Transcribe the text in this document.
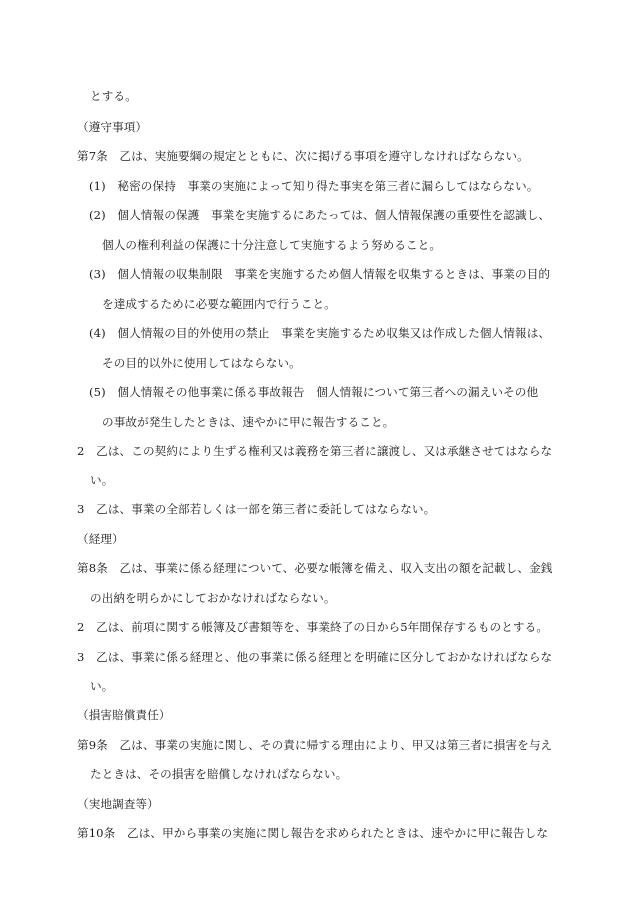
とする。
（遵守事項）
第7条　乙は、実施要綱の規定とともに、次に掲げる事項を遵守しなければならない。
(1)　秘密の保持　事業の実施によって知り得た事実を第三者に漏らしてはならない。
(2)　個人情報の保護　事業を実施するにあたっては、個人情報保護の重要性を認識し、
個人の権利利益の保護に十分注意して実施するよう努めること。
(3)　個人情報の収集制限　事業を実施するため個人情報を収集するときは、事業の目的
を達成するために必要な範囲内で行うこと。
(4)　個人情報の目的外使用の禁止　事業を実施するため収集又は作成した個人情報は、
その目的以外に使用してはならない。
(5)　個人情報その他事業に係る事故報告　個人情報について第三者への漏えいその他
の事故が発生したときは、速やかに甲に報告すること。
2　乙は、この契約により生ずる権利又は義務を第三者に譲渡し、又は承継させてはならな
い。
3　乙は、事業の全部若しくは一部を第三者に委託してはならない。
（経理）
第8条　乙は、事業に係る経理について、必要な帳簿を備え、収入支出の額を記載し、金銭
の出納を明らかにしておかなければならない。
2　乙は、前項に関する帳簿及び書類等を、事業終了の日から5年間保存するものとする。
3　乙は、事業に係る経理と、他の事業に係る経理とを明確に区分しておかなければならな
い。
（損害賠償責任）
第9条　乙は、事業の実施に関し、その責に帰する理由により、甲又は第三者に損害を与え
たときは、その損害を賠償しなければならない。
（実地調査等）
第10条　乙は、甲から事業の実施に関し報告を求められたときは、速やかに甲に報告しな
